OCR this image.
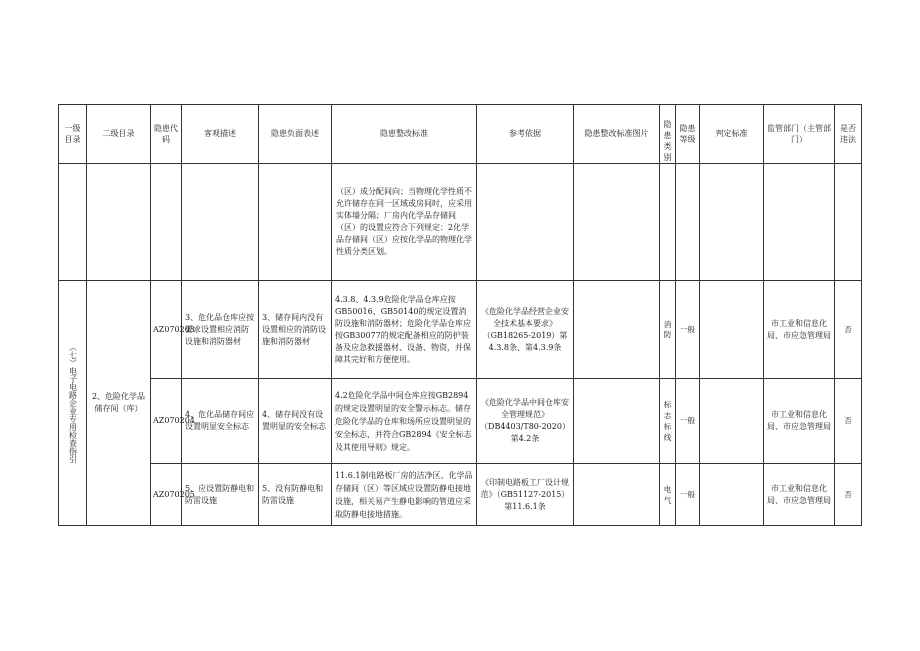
一级目录	二级目录	隐患代码	客观描述	隐患负面表述	隐患整改标准	参考依据	隐患整改标准图片	隐患类别	隐患等级	判定标准	监管部门（主管部门）	是否违法
					（区）成分配间向；当物理化学性质不允许储存在同一区域或房间时，应采用实体墙分隔；厂房内化学品存储间（区）的设置应符合下列规定：2化学品存储间（区）应按化学品的物理化学性质分类区划。							

（七）电子电路企业专用检查指引	2、危险化学品储存间（库）	AZ070203	3、危化品仓库应按要求设置相应消防设施和消防器材	3、储存间内没有设置相应的消防设施和消防器材	4.3.8、4.3.9危险化学品仓库应按GB50016、GB50140的规定设置消防设施和消防器材；危险化学品仓库应按GB30077的规定配备相应的防护装备及应急救援器材、设备、物资，并保障其完好和方便使用。	《危险化学品经营企业安全技术基本要求》（GB18265-2019）第4.3.8条、第4.3.9条		消防	一般		市工业和信息化局、市应急管理局	否
		AZ070204	4、危化品储存间应设置明显安全标志	4、储存间没有设置明显的安全标志	4.2危险化学品中间仓库应按GB2894的规定设置明显的安全警示标志。储存危险化学品的仓库和场所应设置明显的安全标志，并符合GB2894《安全标志及其使用导则》规定。	《危险化学品中间仓库安全管理规范》（DB4403/T80-2020）第4.2条		标志标线	一般		市工业和信息化局、市应急管理局	否
		AZ070205	5、应设置防静电和防雷设施	5、没有防静电和防雷设施	11.6.1制电路板厂房的洁净区、化学品存储间（区）等区域应设置防静电接地设施，相关易产生静电影响的管道应采取防静电接地措施。	《印制电路板工厂设计规范》（GB51127-2015）第11.6.1条		电气	一般		市工业和信息化局、市应急管理局	否
